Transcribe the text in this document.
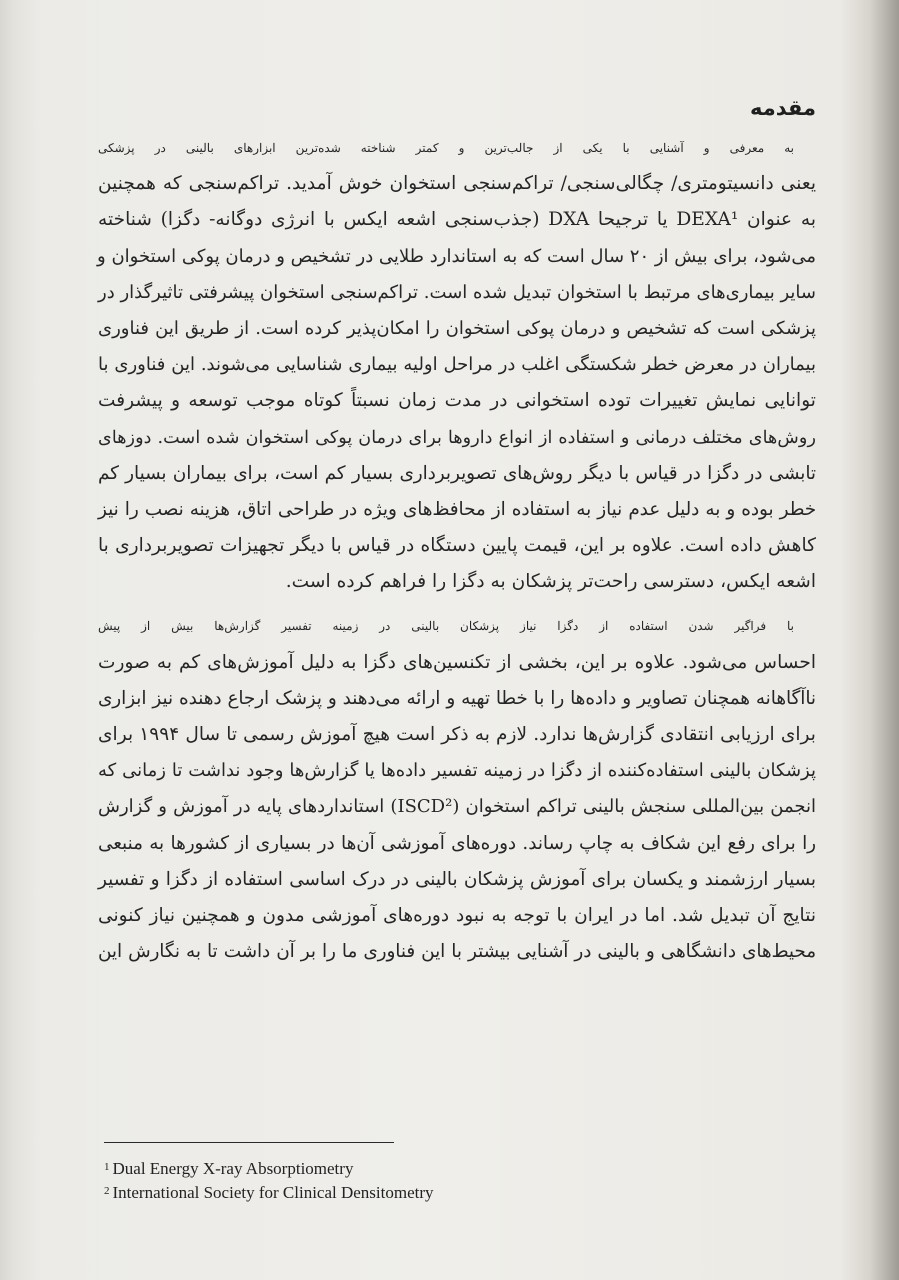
مقدمه
به معرفی و آشنایی با یکی از جالب‌ترین و کمتر شناخته شده‌ترین ابزارهای بالینی در پزشکی
یعنی دانسیتومتری/ چگالی‌سنجی/ تراکم‌سنجی استخوان خوش آمدید. تراکم‌سنجی که همچنین
به عنوان DEXA¹ یا ترجیحا DXA (جذب‌سنجی اشعه ایکس با انرژی دوگانه- دگزا) شناخته
می‌شود، برای بیش از ۲۰ سال است که به استاندارد طلایی در تشخیص و درمان پوکی استخوان و
سایر بیماری‌های مرتبط با استخوان تبدیل شده است. تراکم‌سنجی استخوان پیشرفتی تاثیرگذار در
پزشکی است که تشخیص و درمان پوکی استخوان را امکان‌پذیر کرده است. از طریق این فناوری
بیماران در معرض خطر شکستگی اغلب در مراحل اولیه بیماری شناسایی می‌شوند. این فناوری با
توانایی نمایش تغییرات توده استخوانی در مدت زمان نسبتاً کوتاه موجب توسعه و پیشرفت
روش‌های مختلف درمانی و استفاده از انواع داروها برای درمان پوکی استخوان شده است. دوزهای
تابشی در دگزا در قیاس با دیگر روش‌های تصویربرداری بسیار کم است، برای بیماران بسیار کم
خطر بوده و به دلیل عدم نیاز به استفاده از محافظ‌های ویژه در طراحی اتاق، هزینه نصب را نیز
کاهش داده است. علاوه بر این، قیمت پایین دستگاه در قیاس با دیگر تجهیزات تصویربرداری با
اشعه ایکس، دسترسی راحت‌تر پزشکان به دگزا را فراهم کرده است.
با فراگیر شدن استفاده از دگزا نیاز پزشکان بالینی در زمینه تفسیر گزارش‌ها بیش از پیش
احساس می‌شود. علاوه بر این، بخشی از تکنسین‌های دگزا به دلیل آموزش‌های کم به صورت
ناآگاهانه همچنان تصاویر و داده‌ها را با خطا تهیه و ارائه می‌دهند و پزشک ارجاع دهنده نیز ابزاری
برای ارزیابی انتقادی گزارش‌ها ندارد. لازم به ذکر است هیچ آموزش رسمی تا سال ۱۹۹۴ برای
پزشکان بالینی استفاده‌کننده از دگزا در زمینه تفسیر داده‌ها یا گزارش‌ها وجود نداشت تا زمانی که
انجمن بین‌المللی سنجش بالینی تراکم استخوان (ISCD²) استانداردهای پایه در آموزش و گزارش
را برای رفع این شکاف به چاپ رساند. دوره‌های آموزشی آن‌ها در بسیاری از کشورها به منبعی
بسیار ارزشمند و یکسان برای آموزش پزشکان بالینی در درک اساسی استفاده از دگزا و تفسیر
نتایج آن تبدیل شد. اما در ایران با توجه به نبود دوره‌های آموزشی مدون و همچنین نیاز کنونی
محیط‌های دانشگاهی و بالینی در آشنایی بیشتر با این فناوری ما را بر آن داشت تا به نگارش این
$^1$ Dual Energy X-ray Absorptiometry
$^2$ International Society for Clinical Densitometry
